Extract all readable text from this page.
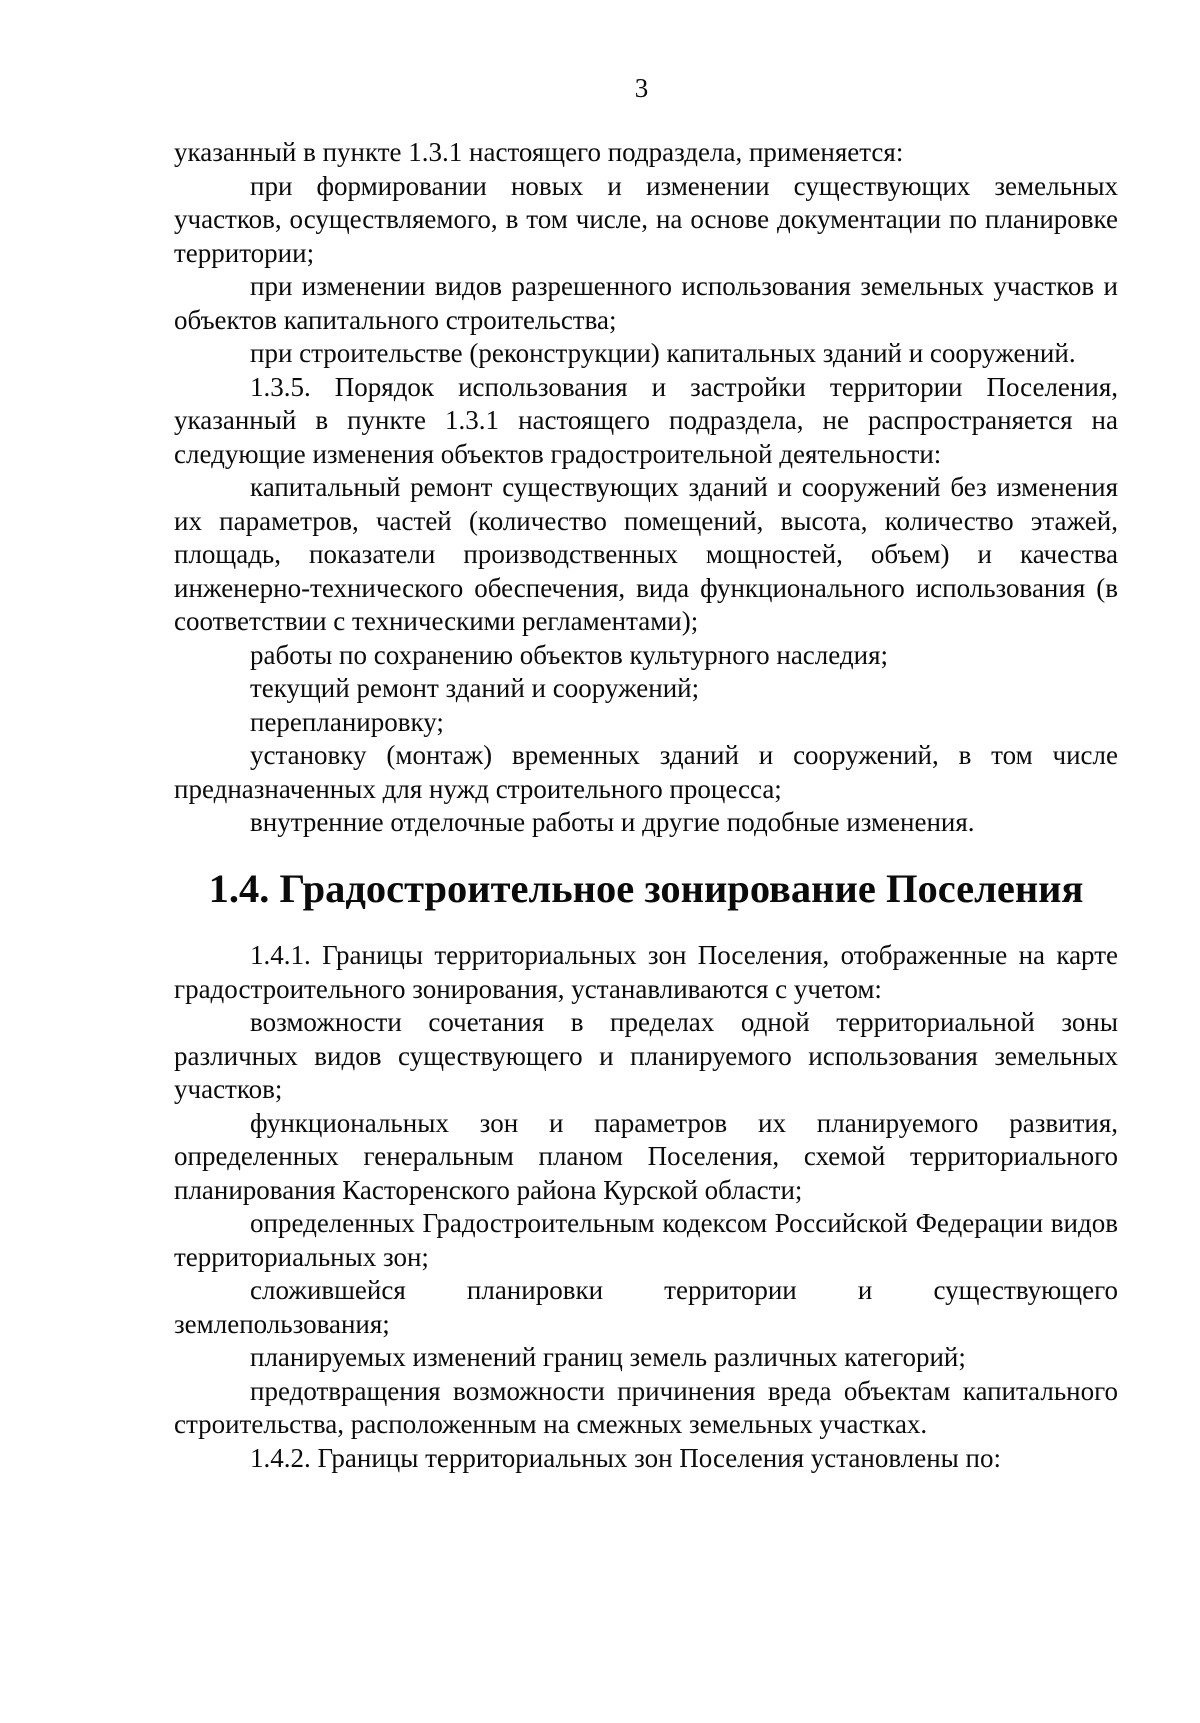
3

указанный в пункте 1.3.1 настоящего подраздела, применяется:

при формировании новых и изменении существующих земельных участков, осуществляемого, в том числе, на основе документации по планировке территории;

при изменении видов разрешенного использования земельных участков и объектов капитального строительства;

при строительстве (реконструкции) капитальных зданий и сооружений.

1.3.5. Порядок использования и застройки территории Поселения, указанный в пункте 1.3.1 настоящего подраздела, не распространяется на следующие изменения объектов градостроительной деятельности:

капитальный ремонт существующих зданий и сооружений без изменения их параметров, частей (количество помещений, высота, количество этажей, площадь, показатели производственных мощностей, объем) и качества инженерно-технического обеспечения, вида функционального использования (в соответствии с техническими регламентами);

работы по сохранению объектов культурного наследия;

текущий ремонт зданий и сооружений;

перепланировку;

установку (монтаж) временных зданий и сооружений, в том числе предназначенных для нужд строительного процесса;

внутренние отделочные работы и другие подобные изменения.

1.4. Градостроительное зонирование Поселения

1.4.1. Границы территориальных зон Поселения, отображенные на карте градостроительного зонирования, устанавливаются с учетом:

возможности сочетания в пределах одной территориальной зоны различных видов существующего и планируемого использования земельных участков;

функциональных зон и параметров их планируемого развития, определенных генеральным планом Поселения, схемой территориального планирования Касторенского района Курской области;

определенных Градостроительным кодексом Российской Федерации видов территориальных зон;

сложившейся планировки территории и существующего землепользования;

планируемых изменений границ земель различных категорий;

предотвращения возможности причинения вреда объектам капитального строительства, расположенным на смежных земельных участках.

1.4.2. Границы территориальных зон Поселения установлены по:
